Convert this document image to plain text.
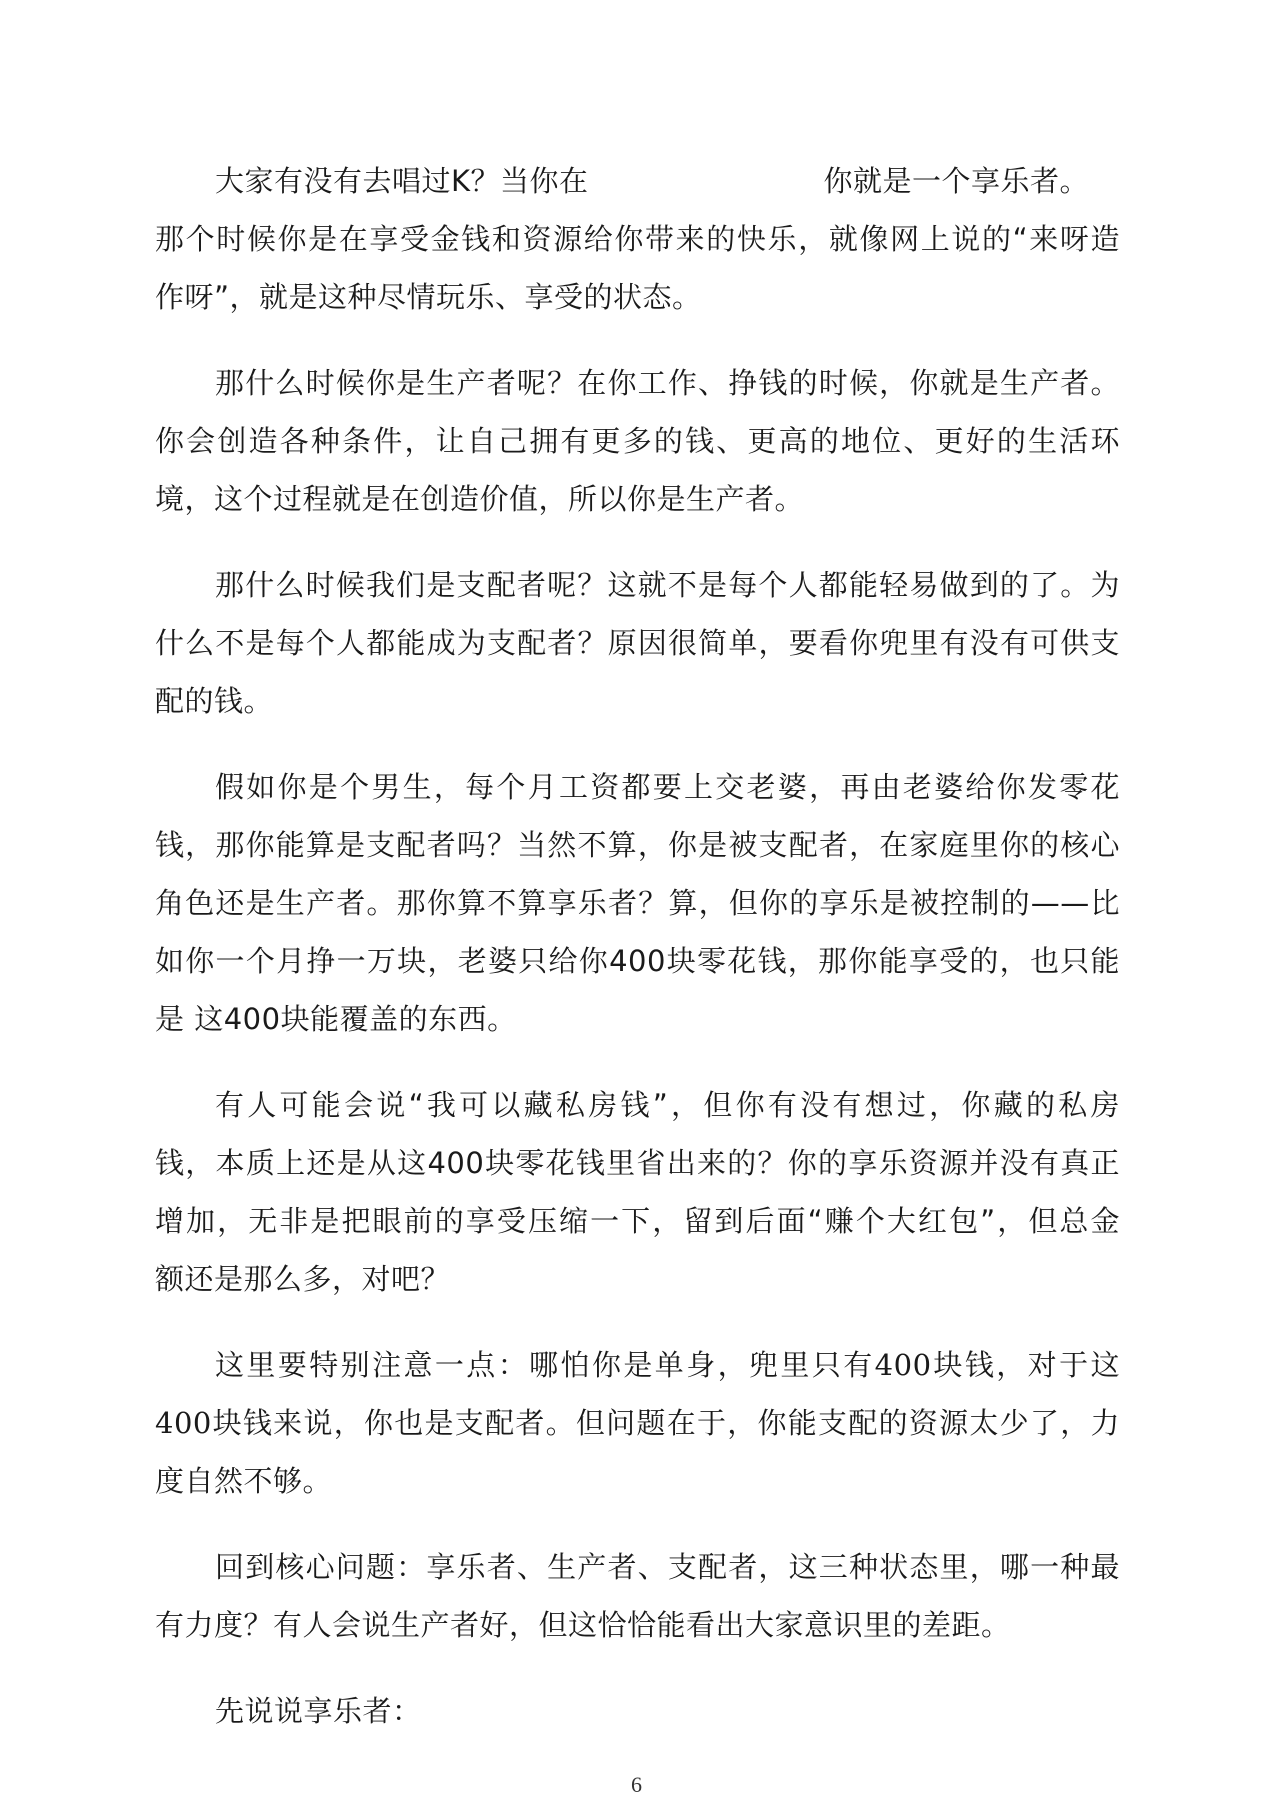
大家有没有去唱过K？当你在	你就是一个享乐者。
那个时候你是在享受金钱和资源给你带来的快乐，就像网上说的“来呀造
作呀”，就是这种尽情玩乐、享受的状态。
那什么时候你是生产者呢？在你工作、挣钱的时候，你就是生产者。
你会创造各种条件，让自己拥有更多的钱、更高的地位、更好的生活环
境，这个过程就是在创造价值，所以你是生产者。
那什么时候我们是支配者呢？这就不是每个人都能轻易做到的了。为
什么不是每个人都能成为支配者？原因很简单，要看你兜里有没有可供支
配的钱。
假如你是个男生，每个月工资都要上交老婆，再由老婆给你发零花
钱，那你能算是支配者吗？当然不算，你是被支配者，在家庭里你的核心
角色还是生产者。那你算不算享乐者？算，但你的享乐是被控制的——比
如你一个月挣一万块，老婆只给你400块零花钱，那你能享受的，也只能
是 这400块能覆盖的东西。
有人可能会说“我可以藏私房钱”，但你有没有想过，你藏的私房
钱，本质上还是从这400块零花钱里省出来的？你的享乐资源并没有真正
增加，无非是把眼前的享受压缩一下，留到后面“赚个大红包”，但总金
额还是那么多，对吧？
这里要特别注意一点：哪怕你是单身，兜里只有400块钱，对于这
400块钱来说，你也是支配者。但问题在于，你能支配的资源太少了，力
度自然不够。
回到核心问题：享乐者、生产者、支配者，这三种状态里，哪一种最
有力度？有人会说生产者好，但这恰恰能看出大家意识里的差距。
先说说享乐者：
6
